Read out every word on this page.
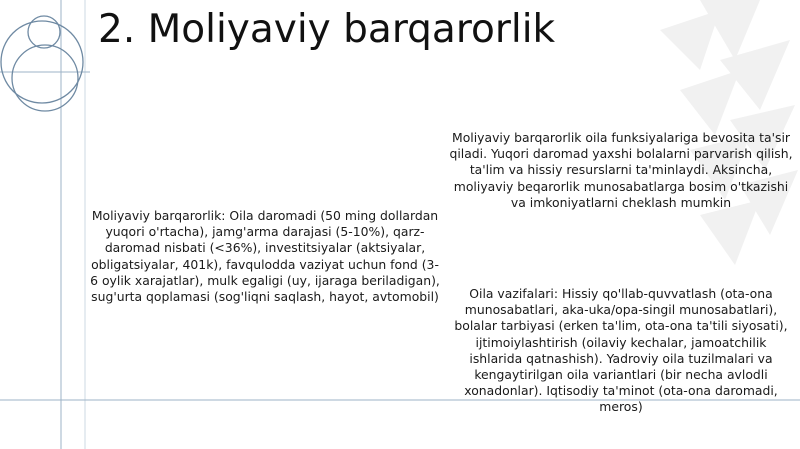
2. Moliyaviy barqarorlik

Moliyaviy barqarorlik: Oila daromadi (50 ming dollardan yuqori o'rtacha), jamg'arma darajasi (5-10%), qarz-daromad nisbati (<36%), investitsiyalar (aktsiyalar, obligatsiyalar, 401k), favqulodda vaziyat uchun fond (3-6 oylik xarajatlar), mulk egaligi (uy, ijaraga beriladigan), sug'urta qoplamasi (sog'liqni saqlash, hayot, avtomobil)

Moliyaviy barqarorlik oila funksiyalariga bevosita ta'sir qiladi. Yuqori daromad yaxshi bolalarni parvarish qilish, ta'lim va hissiy resurslarni ta'minlaydi. Aksincha, moliyaviy beqarorlik munosabatlarga bosim o'tkazishi va imkoniyatlarni cheklash mumkin

Oila vazifalari: Hissiy qo'llab-quvvatlash (ota-ona munosabatlari, aka-uka/opa-singil munosabatlari), bolalar tarbiyasi (erken ta'lim, ota-ona ta'tili siyosati), ijtimoiylashtirish (oilaviy kechalar, jamoatchilik ishlarida qatnashish). Yadroviy oila tuzilmalari va kengaytirilgan oila variantlari (bir necha avlodli xonadonlar). Iqtisodiy ta'minot (ota-ona daromadi, meros)
